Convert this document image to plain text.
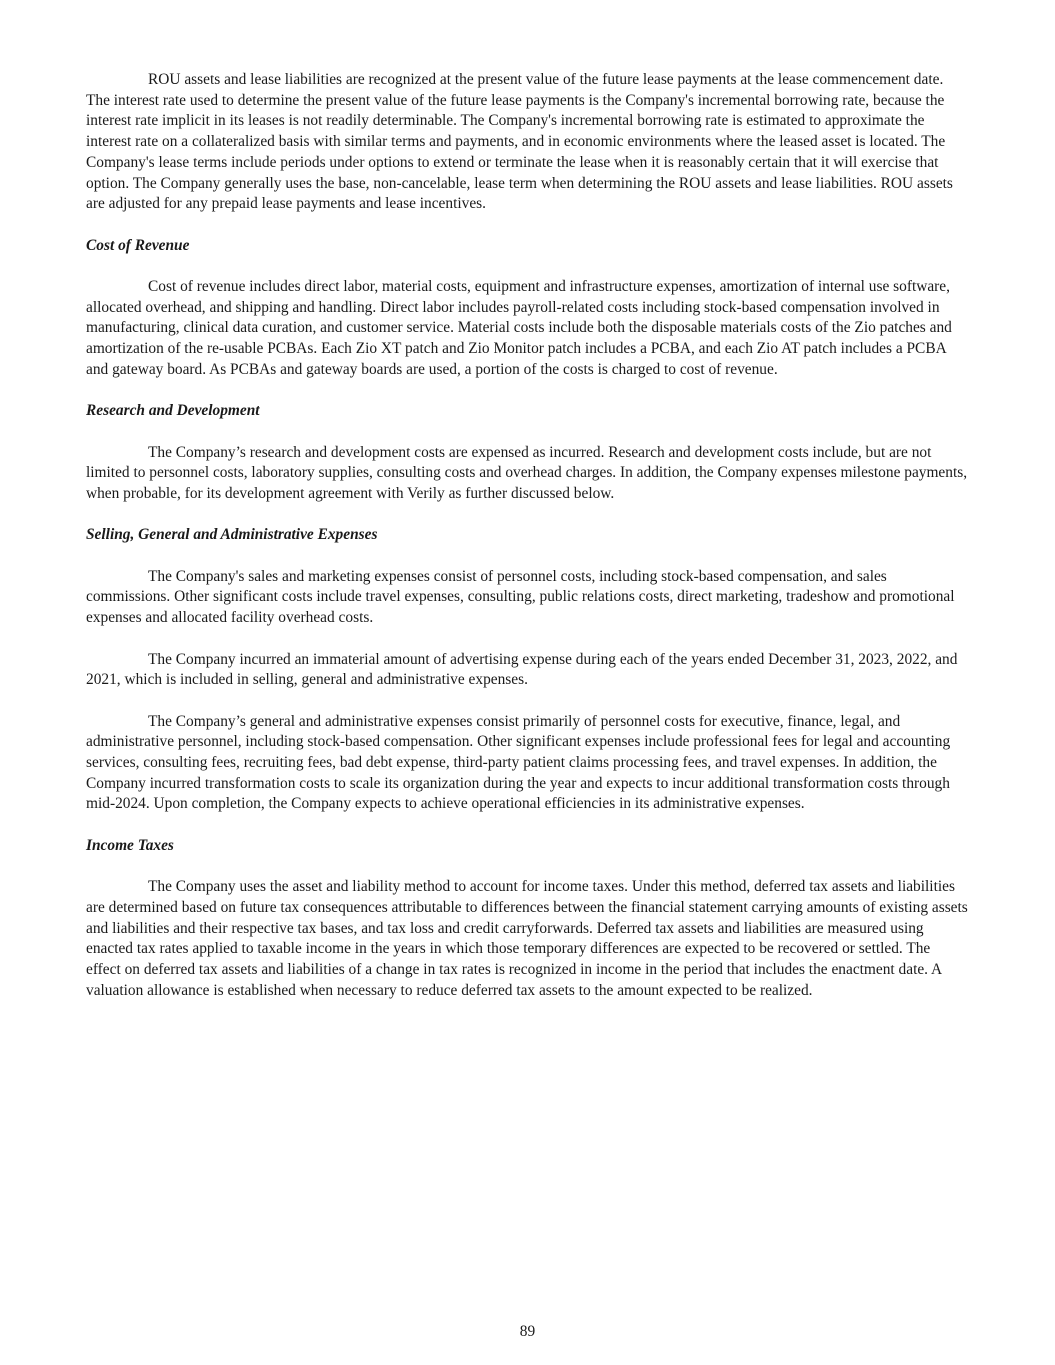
ROU assets and lease liabilities are recognized at the present value of the future lease payments at the lease commencement date. The interest rate used to determine the present value of the future lease payments is the Company's incremental borrowing rate, because the interest rate implicit in its leases is not readily determinable. The Company's incremental borrowing rate is estimated to approximate the interest rate on a collateralized basis with similar terms and payments, and in economic environments where the leased asset is located. The Company's lease terms include periods under options to extend or terminate the lease when it is reasonably certain that it will exercise that option. The Company generally uses the base, non-cancelable, lease term when determining the ROU assets and lease liabilities. ROU assets are adjusted for any prepaid lease payments and lease incentives.

Cost of Revenue

Cost of revenue includes direct labor, material costs, equipment and infrastructure expenses, amortization of internal use software, allocated overhead, and shipping and handling. Direct labor includes payroll-related costs including stock-based compensation involved in manufacturing, clinical data curation, and customer service. Material costs include both the disposable materials costs of the Zio patches and amortization of the re-usable PCBAs. Each Zio XT patch and Zio Monitor patch includes a PCBA, and each Zio AT patch includes a PCBA and gateway board. As PCBAs and gateway boards are used, a portion of the costs is charged to cost of revenue.

Research and Development

The Company’s research and development costs are expensed as incurred. Research and development costs include, but are not limited to personnel costs, laboratory supplies, consulting costs and overhead charges. In addition, the Company expenses milestone payments, when probable, for its development agreement with Verily as further discussed below.

Selling, General and Administrative Expenses

The Company's sales and marketing expenses consist of personnel costs, including stock-based compensation, and sales commissions. Other significant costs include travel expenses, consulting, public relations costs, direct marketing, tradeshow and promotional expenses and allocated facility overhead costs.

The Company incurred an immaterial amount of advertising expense during each of the years ended December 31, 2023, 2022, and 2021, which is included in selling, general and administrative expenses.

The Company’s general and administrative expenses consist primarily of personnel costs for executive, finance, legal, and administrative personnel, including stock-based compensation. Other significant expenses include professional fees for legal and accounting services, consulting fees, recruiting fees, bad debt expense, third-party patient claims processing fees, and travel expenses. In addition, the Company incurred transformation costs to scale its organization during the year and expects to incur additional transformation costs through mid-2024. Upon completion, the Company expects to achieve operational efficiencies in its administrative expenses.

Income Taxes

The Company uses the asset and liability method to account for income taxes. Under this method, deferred tax assets and liabilities are determined based on future tax consequences attributable to differences between the financial statement carrying amounts of existing assets and liabilities and their respective tax bases, and tax loss and credit carryforwards. Deferred tax assets and liabilities are measured using enacted tax rates applied to taxable income in the years in which those temporary differences are expected to be recovered or settled. The effect on deferred tax assets and liabilities of a change in tax rates is recognized in income in the period that includes the enactment date. A valuation allowance is established when necessary to reduce deferred tax assets to the amount expected to be realized.

89
